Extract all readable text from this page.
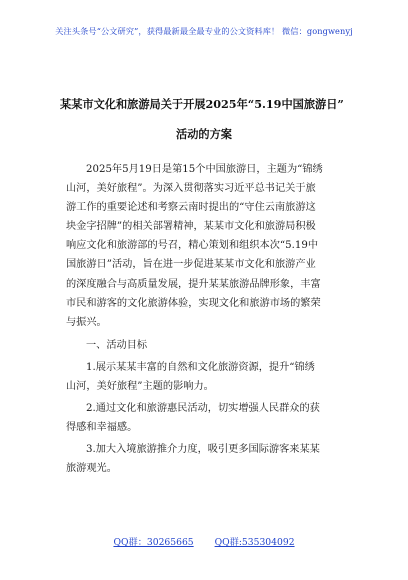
关注头条号“公文研究”，获得最新最全最专业的公文资料库！ 微信：gongwenyj
某某市文化和旅游局关于开展2025年“5.19中国旅游日”
活动的方案
2025年5月19日是第15个中国旅游日，主题为“锦绣
山河，美好旅程”。为深入贯彻落实习近平总书记关于旅
游工作的重要论述和考察云南时提出的“守住云南旅游这
块金字招牌”的相关部署精神，某某市文化和旅游局积极
响应文化和旅游部的号召，精心策划和组织本次“5.19中
国旅游日”活动，旨在进一步促进某某市文化和旅游产业
的深度融合与高质量发展，提升某某旅游品牌形象，丰富
市民和游客的文化旅游体验，实现文化和旅游市场的繁荣
与振兴。
一、活动目标
1.展示某某丰富的自然和文化旅游资源，提升“锦绣
山河，美好旅程”主题的影响力。
2.通过文化和旅游惠民活动，切实增强人民群众的获
得感和幸福感。
3.加大入境旅游推介力度，吸引更多国际游客来某某
旅游观光。
QQ群：30265665 QQ群:535304092
